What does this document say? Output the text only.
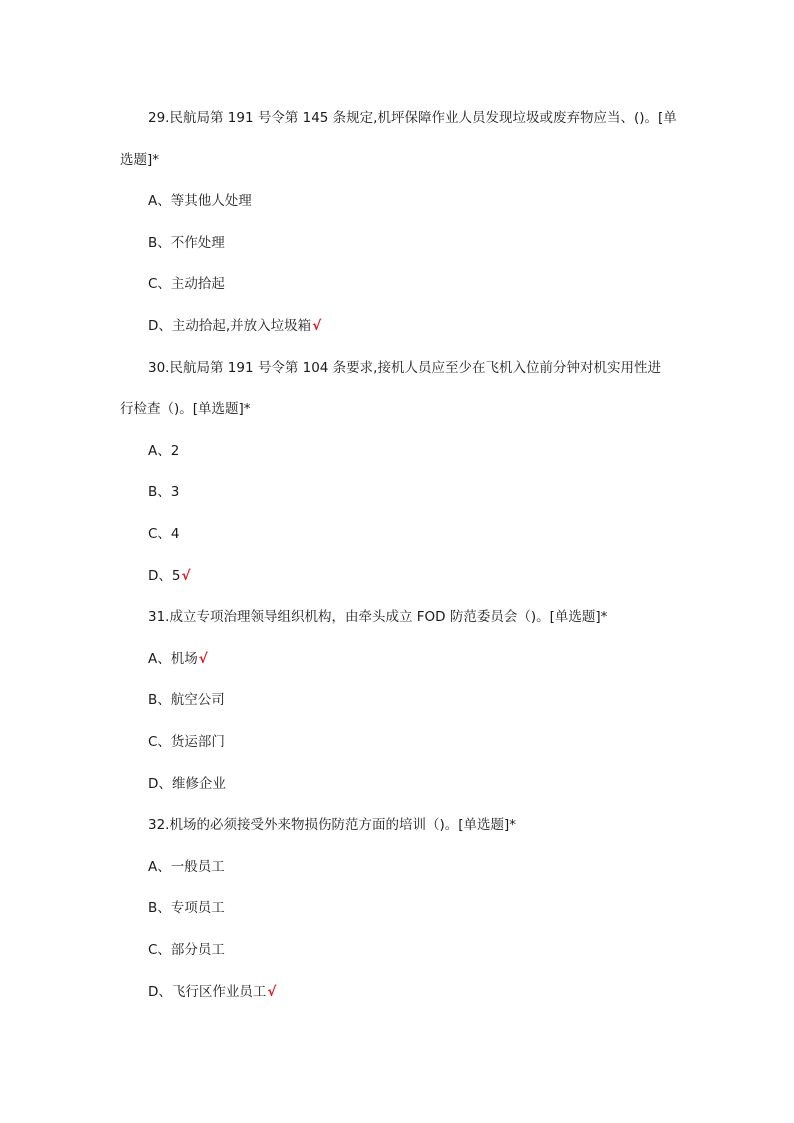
29.民航局第 191 号令第 145 条规定,机坪保障作业人员发现垃圾或废弃物应当、()。[单
选题]*
A、等其他人处理
B、不作处理
C、主动拾起
D、主动拾起,并放入垃圾箱√
30.民航局第 191 号令第 104 条要求,接机人员应至少在飞机入位前分钟对机实用性进
行检查（)。[单选题]*
A、2
B、3
C、4
D、5√
31.成立专项治理领导组织机构，由牵头成立 FOD 防范委员会（)。[单选题]*
A、机场√
B、航空公司
C、货运部门
D、维修企业
32.机场的必须接受外来物损伤防范方面的培训（)。[单选题]*
A、一般员工
B、专项员工
C、部分员工
D、飞行区作业员工√
